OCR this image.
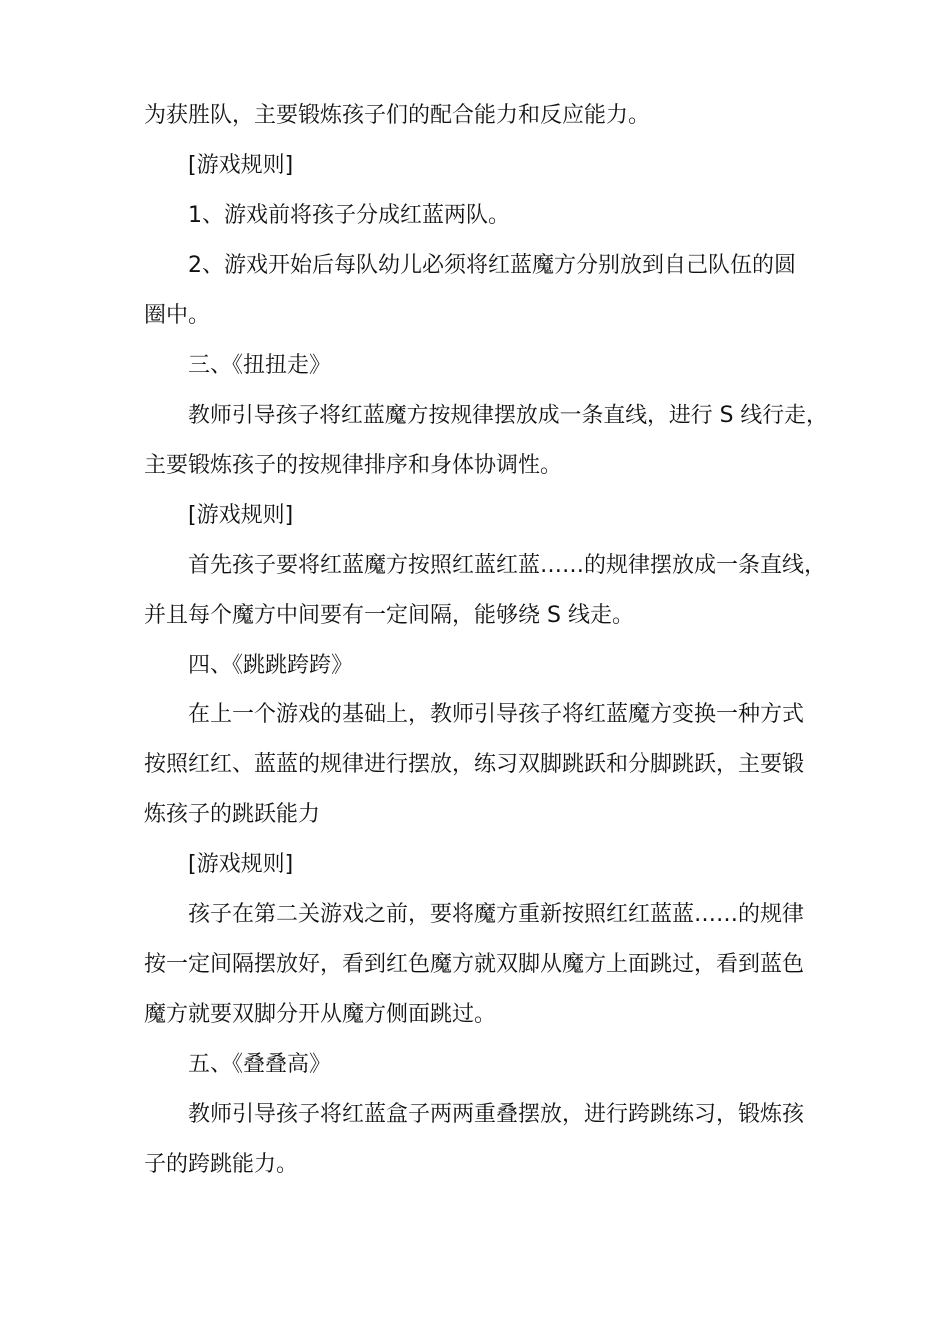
为获胜队，主要锻炼孩子们的配合能力和反应能力。
[游戏规则]
1、游戏前将孩子分成红蓝两队。
2、游戏开始后每队幼儿必须将红蓝魔方分别放到自己队伍的圆
圈中。
三、《扭扭走》
教师引导孩子将红蓝魔方按规律摆放成一条直线，进行 S 线行走，
主要锻炼孩子的按规律排序和身体协调性。
[游戏规则]
首先孩子要将红蓝魔方按照红蓝红蓝……的规律摆放成一条直线，
并且每个魔方中间要有一定间隔，能够绕 S 线走。
四、《跳跳跨跨》
在上一个游戏的基础上，教师引导孩子将红蓝魔方变换一种方式
按照红红、蓝蓝的规律进行摆放，练习双脚跳跃和分脚跳跃，主要锻
炼孩子的跳跃能力
[游戏规则]
孩子在第二关游戏之前，要将魔方重新按照红红蓝蓝……的规律
按一定间隔摆放好，看到红色魔方就双脚从魔方上面跳过，看到蓝色
魔方就要双脚分开从魔方侧面跳过。
五、《叠叠高》
教师引导孩子将红蓝盒子两两重叠摆放，进行跨跳练习，锻炼孩
子的跨跳能力。
